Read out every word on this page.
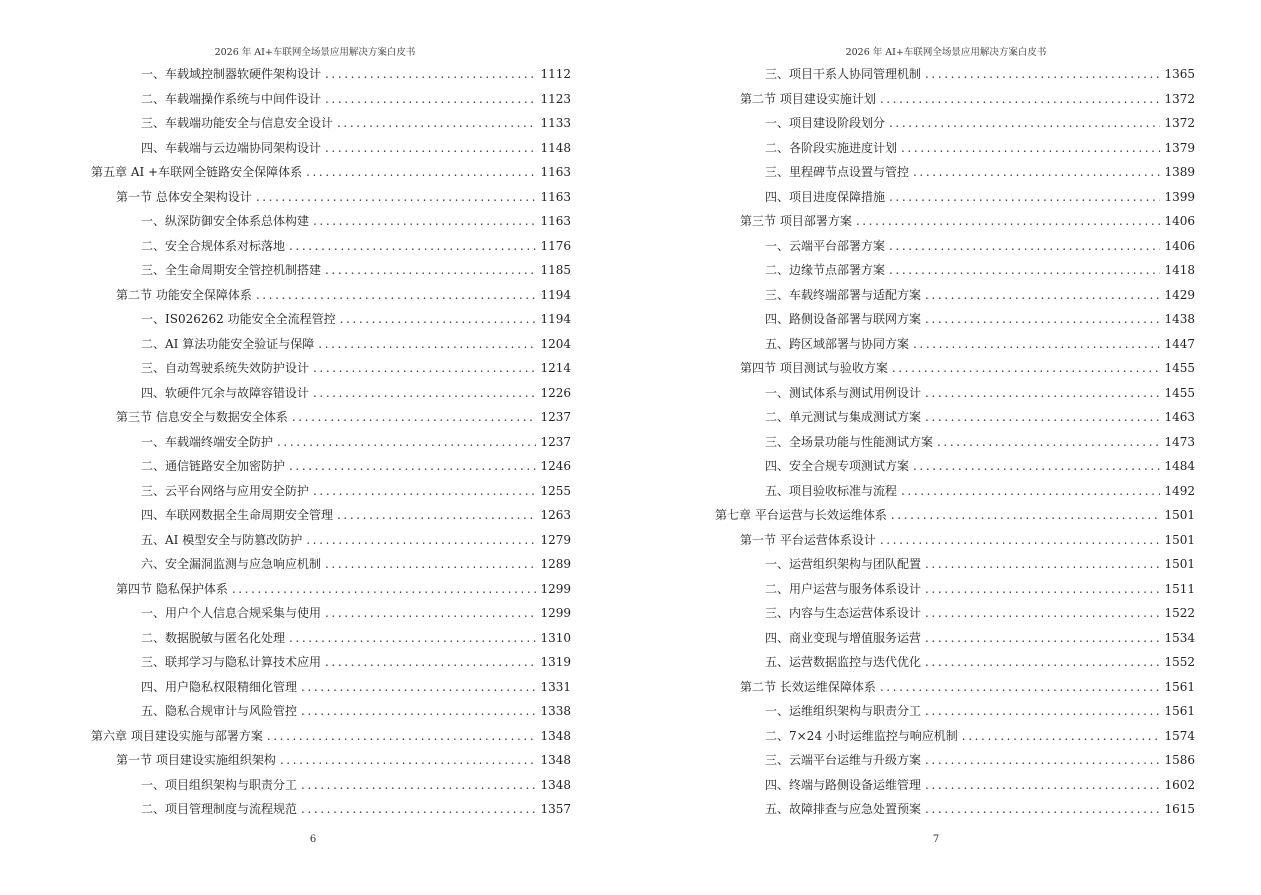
2026 年 AI+车联网全场景应用解决方案白皮书
一、车载域控制器软硬件架构设计 .....	1112
二、车载端操作系统与中间件设计 .....	1123
三、车载端功能安全与信息安全设计 .....	1133
四、车载端与云边端协同架构设计 .....	1148
第五章 AI +车联网全链路安全保障体系 .....	1163
第一节 总体安全架构设计 .....	1163
一、纵深防御安全体系总体构建 .....	1163
二、安全合规体系对标落地 .....	1176
三、全生命周期安全管控机制搭建 .....	1185
第二节 功能安全保障体系 .....	1194
一、IS026262 功能安全全流程管控 .....	1194
二、AI 算法功能安全验证与保障 .....	1204
三、自动驾驶系统失效防护设计 .....	1214
四、软硬件冗余与故障容错设计 .....	1226
第三节 信息安全与数据安全体系 .....	1237
一、车载端终端安全防护 .....	1237
二、通信链路安全加密防护 .....	1246
三、云平台网络与应用安全防护 .....	1255
四、车联网数据全生命周期安全管理 .....	1263
五、AI 模型安全与防篡改防护 .....	1279
六、安全漏洞监测与应急响应机制 .....	1289
第四节 隐私保护体系 .....	1299
一、用户个人信息合规采集与使用 .....	1299
二、数据脱敏与匿名化处理 .....	1310
三、联邦学习与隐私计算技术应用 .....	1319
四、用户隐私权限精细化管理 .....	1331
五、隐私合规审计与风险管控 .....	1338
第六章 项目建设实施与部署方案 .....	1348
第一节 项目建设实施组织架构 .....	1348
一、项目组织架构与职责分工 .....	1348
二、项目管理制度与流程规范 .....	1357
6
2026 年 AI+车联网全场景应用解决方案白皮书
三、项目干系人协同管理机制 .....	1365
第二节 项目建设实施计划 .....	1372
一、项目建设阶段划分 .....	1372
二、各阶段实施进度计划 .....	1379
三、里程碑节点设置与管控 .....	1389
四、项目进度保障措施 .....	1399
第三节 项目部署方案 .....	1406
一、云端平台部署方案 .....	1406
二、边缘节点部署方案 .....	1418
三、车载终端部署与适配方案 .....	1429
四、路侧设备部署与联网方案 .....	1438
五、跨区域部署与协同方案 .....	1447
第四节 项目测试与验收方案 .....	1455
一、测试体系与测试用例设计 .....	1455
二、单元测试与集成测试方案 .....	1463
三、全场景功能与性能测试方案 .....	1473
四、安全合规专项测试方案 .....	1484
五、项目验收标准与流程 .....	1492
第七章 平台运营与长效运维体系 .....	1501
第一节 平台运营体系设计 .....	1501
一、运营组织架构与团队配置 .....	1501
二、用户运营与服务体系设计 .....	1511
三、内容与生态运营体系设计 .....	1522
四、商业变现与增值服务运营 .....	1534
五、运营数据监控与迭代优化 .....	1552
第二节 长效运维保障体系 .....	1561
一、运维组织架构与职责分工 .....	1561
二、7×24 小时运维监控与响应机制 .....	1574
三、云端平台运维与升级方案 .....	1586
四、终端与路侧设备运维管理 .....	1602
五、故障排查与应急处置预案 .....	1615
7
